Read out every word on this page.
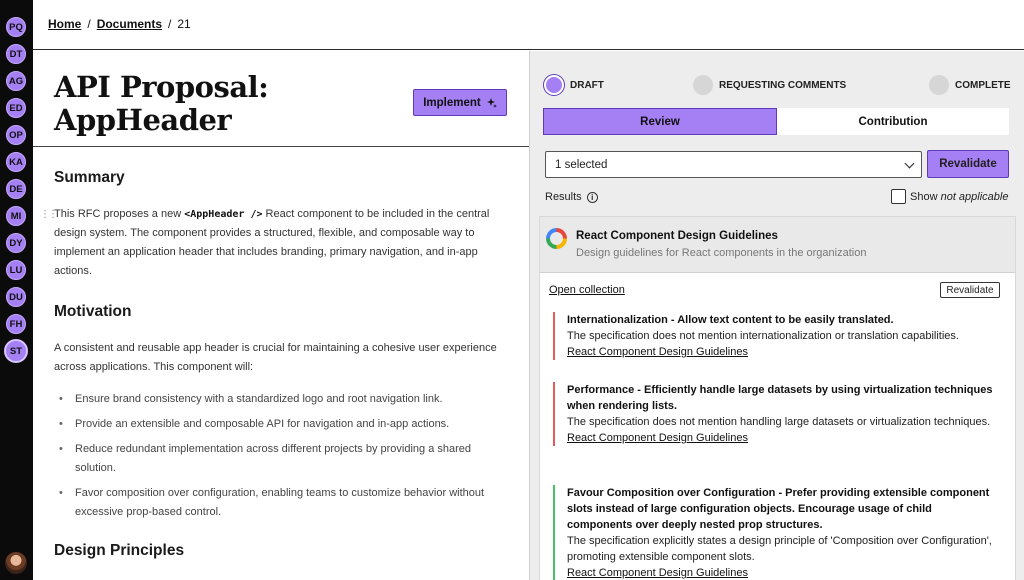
PQ
DT
AG
ED
OP
KA
DE
MI
DY
LU
DU
FH
ST
Home / Documents / 21
API Proposal: AppHeader
Implement
Summary
⋮⋮

This RFC proposes a new <AppHeader /> React component to be included in the central design system. The component provides a structured, flexible, and composable way to implement an application header that includes branding, primary navigation, and in-app actions.

Motivation

A consistent and reusable app header is crucial for maintaining a cohesive user experience across applications. This component will:

• Ensure brand consistency with a standardized logo and root navigation link.
• Provide an extensible and composable API for navigation and in-app actions.
• Reduce redundant implementation across different projects by providing a shared solution.
• Favor composition over configuration, enabling teams to customize behavior without excessive prop-based control.
Design Principles
DRAFT	REQUESTING COMMENTS	COMPLETE
Review	Contribution
1 selected	Revalidate
Results	i	Show not applicable
React Component Design Guidelines
Design guidelines for React components in the organization
Open collection	Revalidate
Internationalization - Allow text content to be easily translated.
The specification does not mention internationalization or translation capabilities.
React Component Design Guidelines
Performance - Efficiently handle large datasets by using virtualization techniques when rendering lists.
The specification does not mention handling large datasets or virtualization techniques.
React Component Design Guidelines
Favour Composition over Configuration - Prefer providing extensible component slots instead of large configuration objects. Encourage usage of child components over deeply nested prop structures.
The specification explicitly states a design principle of 'Composition over Configuration', promoting extensible component slots.
React Component Design Guidelines
